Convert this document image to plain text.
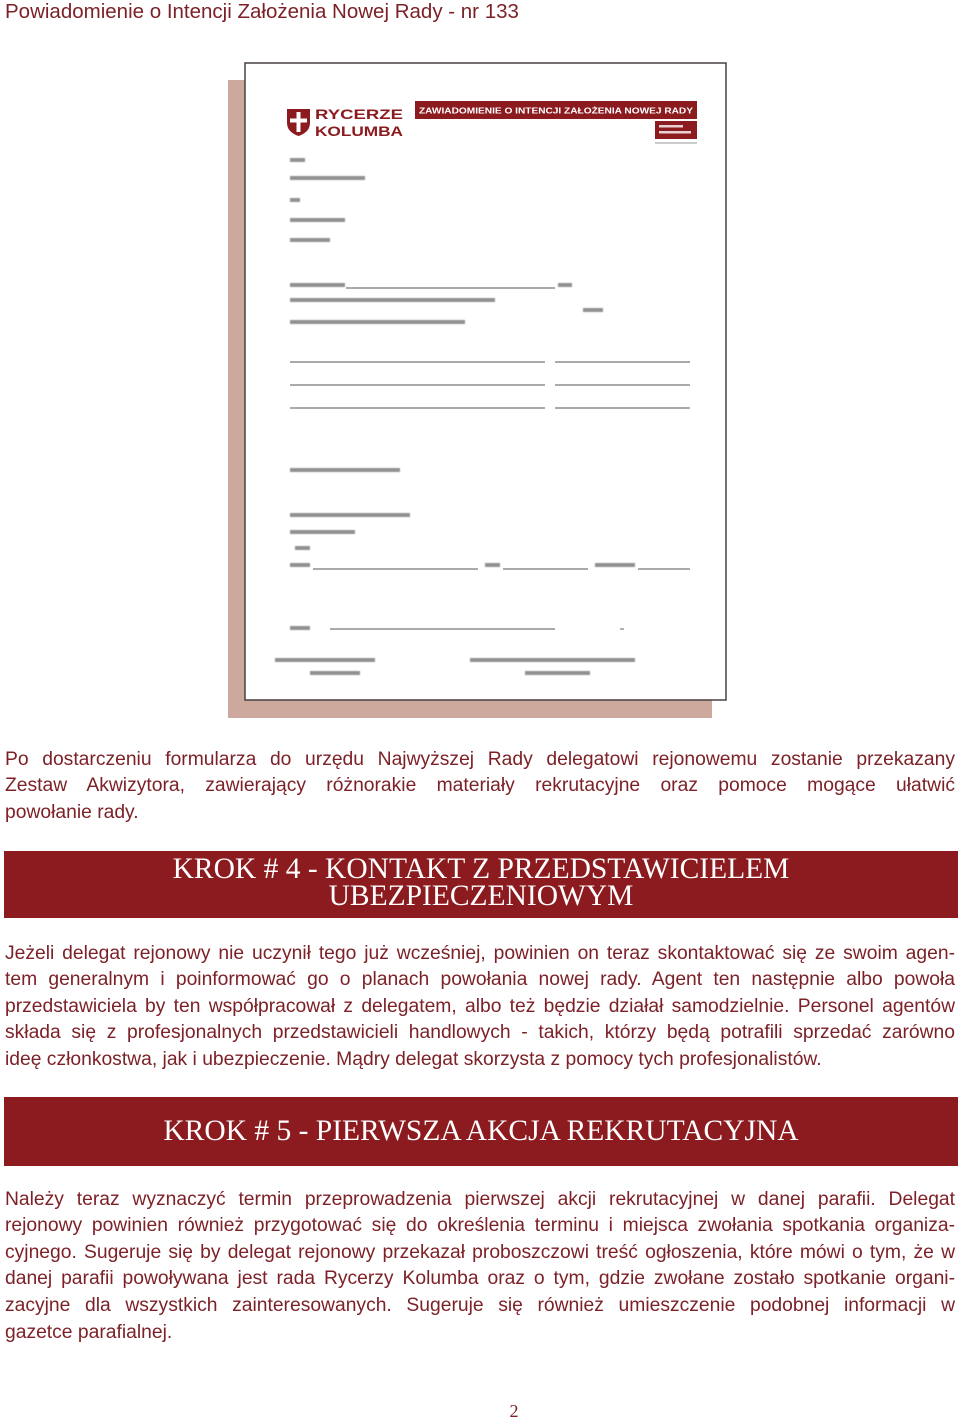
Powiadomienie o Intencji Założenia Nowej Rady - nr 133
RYCERZE
KOLUMBA
ZAWIADOMIENIE O INTENCJI ZAŁOŻENIA NOWEJ RADY
Po dostarczeniu formularza do urzędu Najwyższej Rady delegatowi rejonowemu zostanie przekazany
Zestaw Akwizytora, zawierający różnorakie materiały rekrutacyjne oraz pomoce mogące ułatwić
powołanie rady.
KROK # 4 - KONTAKT Z PRZEDSTAWICIELEM
UBEZPIECZENIOWYM
Jeżeli delegat rejonowy nie uczynił tego już wcześniej, powinien on teraz skontaktować się ze swoim agen-
tem generalnym i poinformować go o planach powołania nowej rady. Agent ten następnie albo powoła
przedstawiciela by ten współpracował z delegatem, albo też będzie działał samodzielnie. Personel agentów
składa się z profesjonalnych przedstawicieli handlowych - takich, którzy będą potrafili sprzedać zarówno
ideę członkostwa, jak i ubezpieczenie. Mądry delegat skorzysta z pomocy tych profesjonalistów.
KROK # 5 - PIERWSZA AKCJA REKRUTACYJNA
Należy teraz wyznaczyć termin przeprowadzenia pierwszej akcji rekrutacyjnej w danej parafii. Delegat
rejonowy powinien również przygotować się do określenia terminu i miejsca zwołania spotkania organiza-
cyjnego. Sugeruje się by delegat rejonowy przekazał proboszczowi treść ogłoszenia, które mówi o tym, że w
danej parafii powoływana jest rada Rycerzy Kolumba oraz o tym, gdzie zwołane zostało spotkanie organi-
zacyjne dla wszystkich zainteresowanych. Sugeruje się również umieszczenie podobnej informacji w
gazetce parafialnej.
2
